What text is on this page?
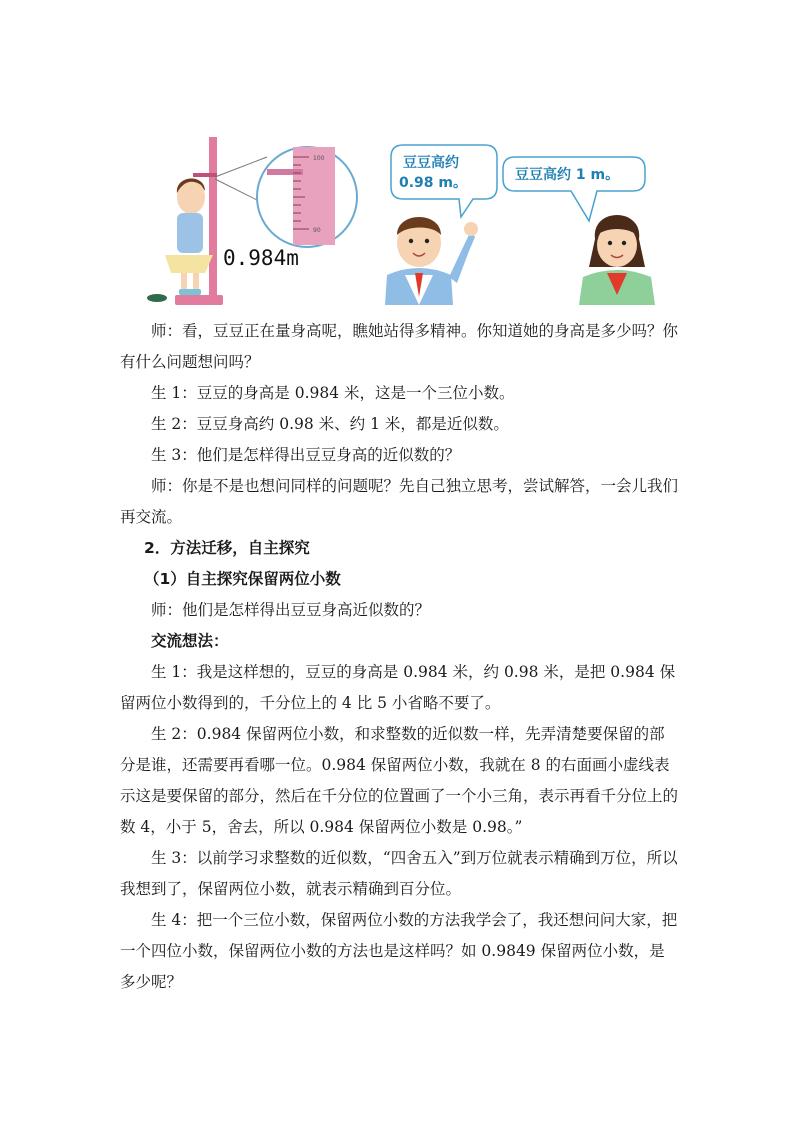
100
90
0.984m
豆豆高约
0.98 m。	豆豆高约 1 m。

师：看，豆豆正在量身高呢，瞧她站得多精神。你知道她的身高是多少吗？你有什么问题想问吗？

生 1：豆豆的身高是 0.984 米，这是一个三位小数。

生 2：豆豆身高约 0.98 米、约 1 米，都是近似数。

生 3：他们是怎样得出豆豆身高的近似数的？

师：你是不是也想问同样的问题呢？先自己独立思考，尝试解答，一会儿我们再交流。

2．方法迁移，自主探究

（1）自主探究保留两位小数

师：他们是怎样得出豆豆身高近似数的？

交流想法：

生 1：我是这样想的，豆豆的身高是 0.984 米，约 0.98 米，是把 0.984 保留两位小数得到的，千分位上的 4 比 5 小省略不要了。

生 2：0.984 保留两位小数，和求整数的近似数一样，先弄清楚要保留的部分是谁，还需要再看哪一位。0.984 保留两位小数，我就在 8 的右面画小虚线表示这是要保留的部分，然后在千分位的位置画了一个小三角，表示再看千分位上的数 4，小于 5，舍去，所以 0.984 保留两位小数是 0.98。”

生 3：以前学习求整数的近似数，“四舍五入”到万位就表示精确到万位，所以我想到了，保留两位小数，就表示精确到百分位。

生 4：把一个三位小数，保留两位小数的方法我学会了，我还想问问大家，把一个四位小数，保留两位小数的方法也是这样吗？如 0.9849 保留两位小数，是多少呢？
